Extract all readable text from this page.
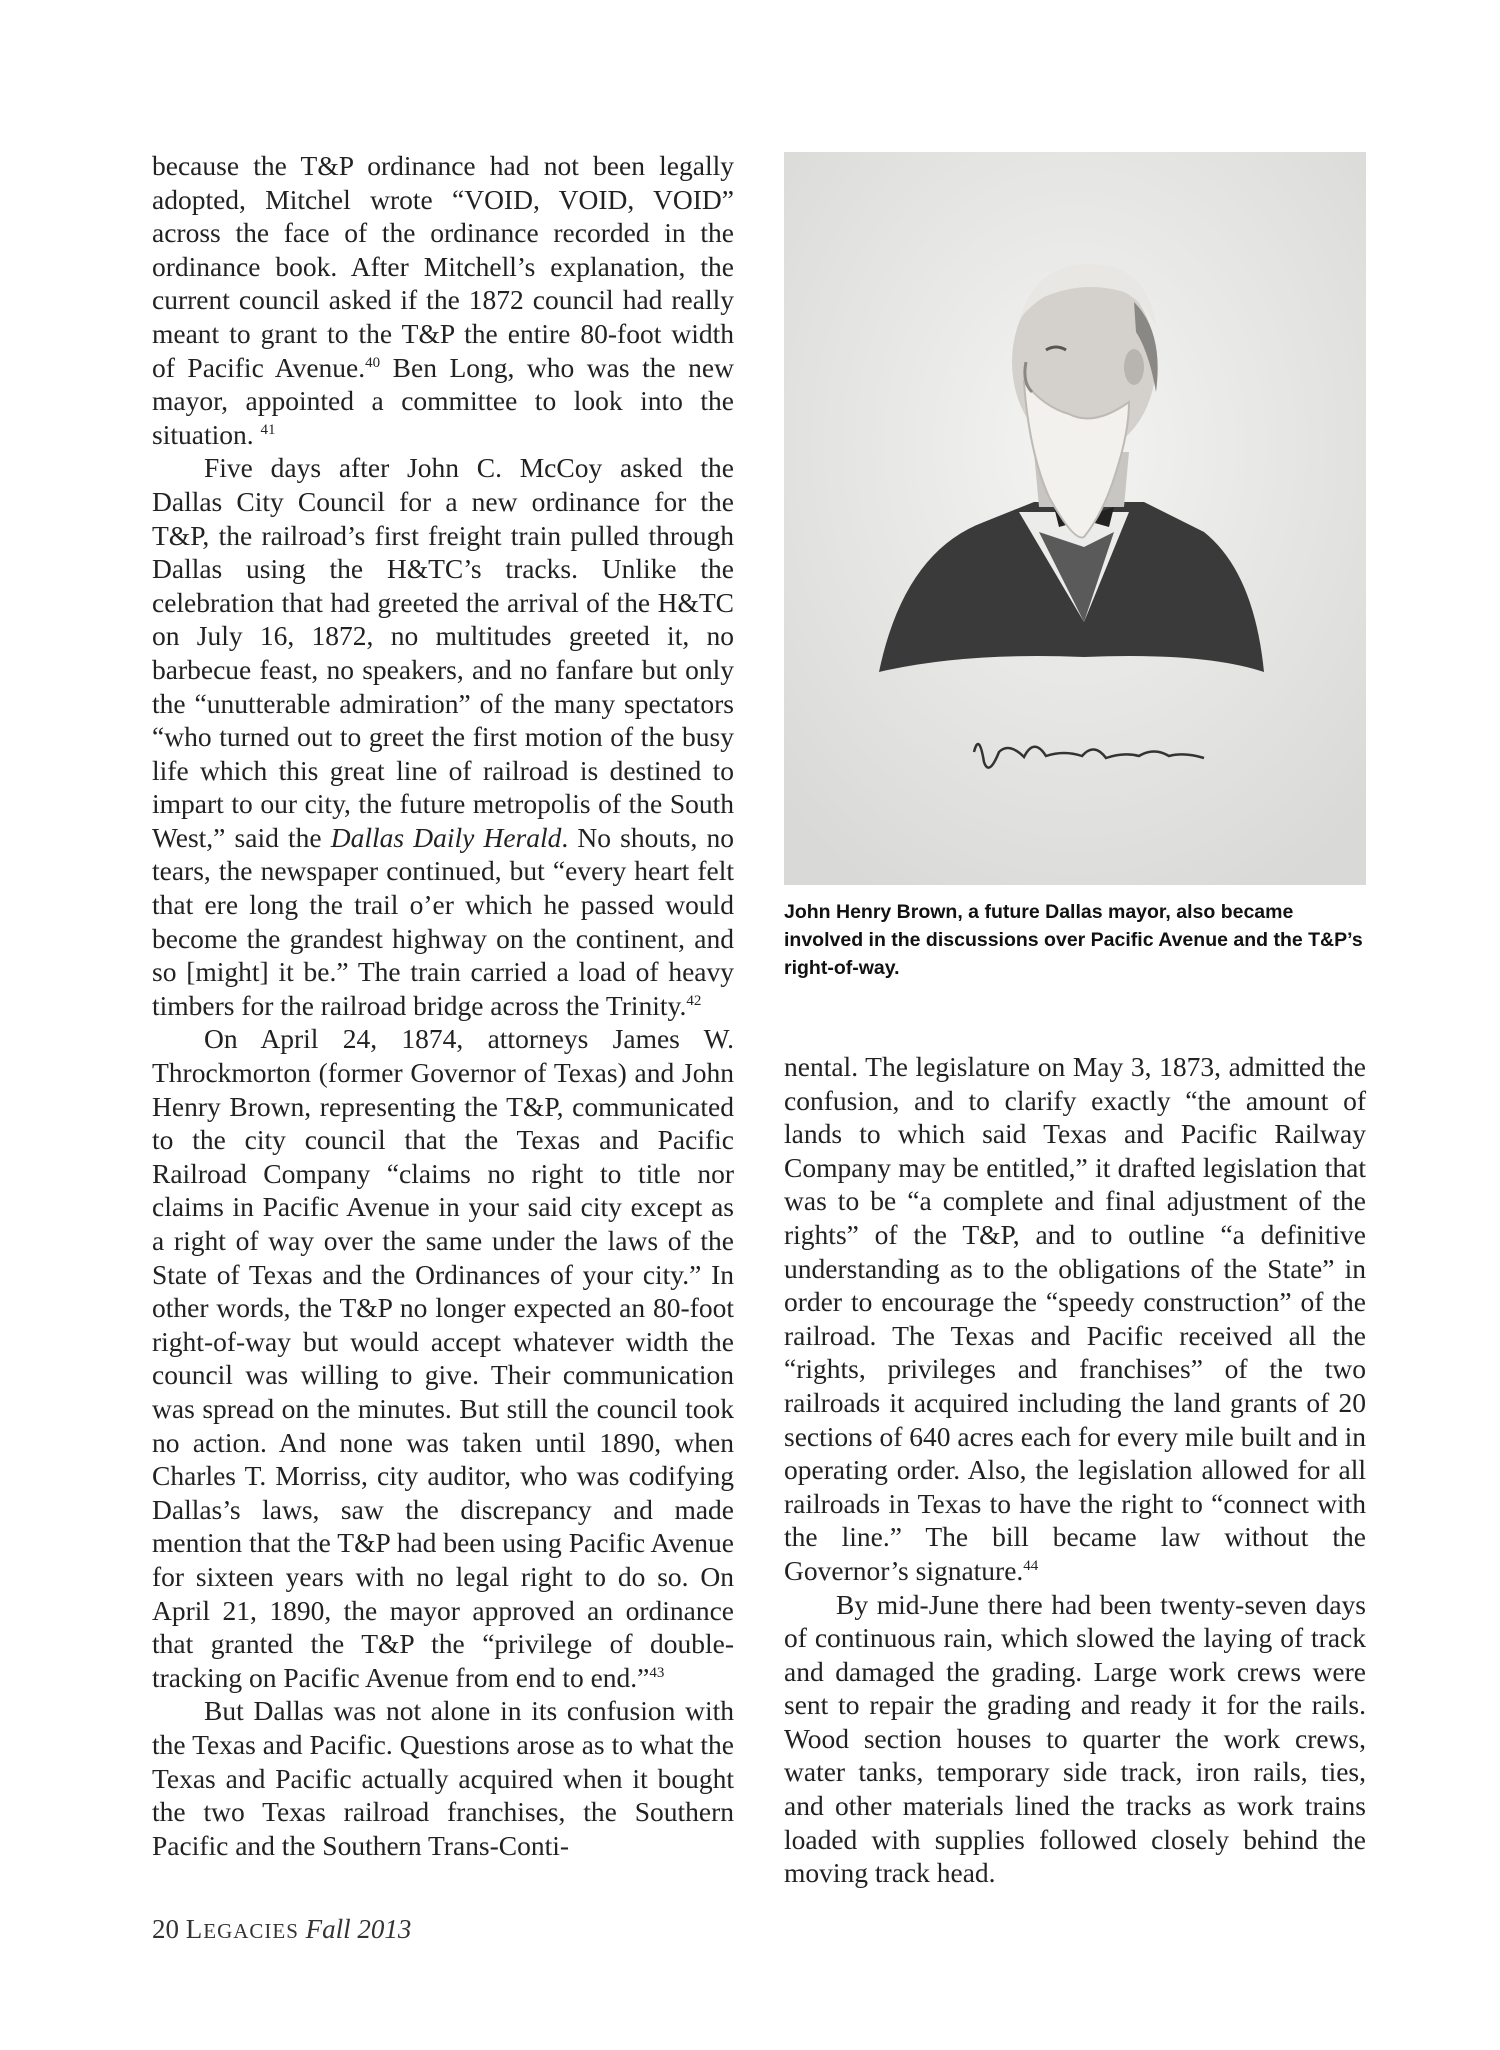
because the T&P ordinance had not been legally adopted, Mitchel wrote “VOID, VOID, VOID” across the face of the ordinance recorded in the ordinance book. After Mitchell’s explanation, the current council asked if the 1872 council had really meant to grant to the T&P the entire 80-foot width of Pacific Avenue.$^{40}$ Ben Long, who was the new mayor, appointed a committee to look into the situation. $^{41}$

Five days after John C. McCoy asked the Dallas City Council for a new ordinance for the T&P, the railroad’s first freight train pulled through Dallas using the H&TC’s tracks. Unlike the celebration that had greeted the arrival of the H&TC on July 16, 1872, no multitudes greeted it, no barbecue feast, no speakers, and no fanfare but only the “unutterable admiration” of the many spectators “who turned out to greet the first motion of the busy life which this great line of railroad is destined to impart to our city, the future metropolis of the South West,” said the Dallas Daily Herald. No shouts, no tears, the newspaper continued, but “every heart felt that ere long the trail o’er which he passed would become the grandest highway on the continent, and so [might] it be.” The train carried a load of heavy timbers for the railroad bridge across the Trinity.$^{42}$

On April 24, 1874, attorneys James W. Throckmorton (former Governor of Texas) and John Henry Brown, representing the T&P, communicated to the city council that the Texas and Pacific Railroad Company “claims no right to title nor claims in Pacific Avenue in your said city except as a right of way over the same under the laws of the State of Texas and the Ordinances of your city.” In other words, the T&P no longer expected an 80-foot right-of-way but would accept whatever width the council was willing to give. Their communication was spread on the minutes. But still the council took no action. And none was taken until 1890, when Charles T. Morriss, city auditor, who was codifying Dallas’s laws, saw the discrepancy and made mention that the T&P had been using Pacific Avenue for sixteen years with no legal right to do so. On April 21, 1890, the mayor approved an ordinance that granted the T&P the “privilege of double-tracking on Pacific Avenue from end to end.”$^{43}$

But Dallas was not alone in its confusion with the Texas and Pacific. Questions arose as to what the Texas and Pacific actually acquired when it bought the two Texas railroad franchises, the Southern Pacific and the Southern Trans-Conti-

John Henry Brown, a future Dallas mayor, also became involved in the discussions over Pacific Avenue and the T&P’s right-of-way.

nental. The legislature on May 3, 1873, admitted the confusion, and to clarify exactly “the amount of lands to which said Texas and Pacific Railway Company may be entitled,” it drafted legislation that was to be “a complete and final adjustment of the rights” of the T&P, and to outline “a definitive understanding as to the obligations of the State” in order to encourage the “speedy construction” of the railroad. The Texas and Pacific received all the “rights, privileges and franchises” of the two railroads it acquired including the land grants of 20 sections of 640 acres each for every mile built and in operating order. Also, the legislation allowed for all railroads in Texas to have the right to “connect with the line.” The bill became law without the Governor’s signature.$^{44}$

By mid-June there had been twenty-seven days of continuous rain, which slowed the laying of track and damaged the grading. Large work crews were sent to repair the grading and ready it for the rails. Wood section houses to quarter the work crews, water tanks, temporary side track, iron rails, ties, and other materials lined the tracks as work trains loaded with supplies followed closely behind the moving track head.

20 LEGACIES Fall 2013
